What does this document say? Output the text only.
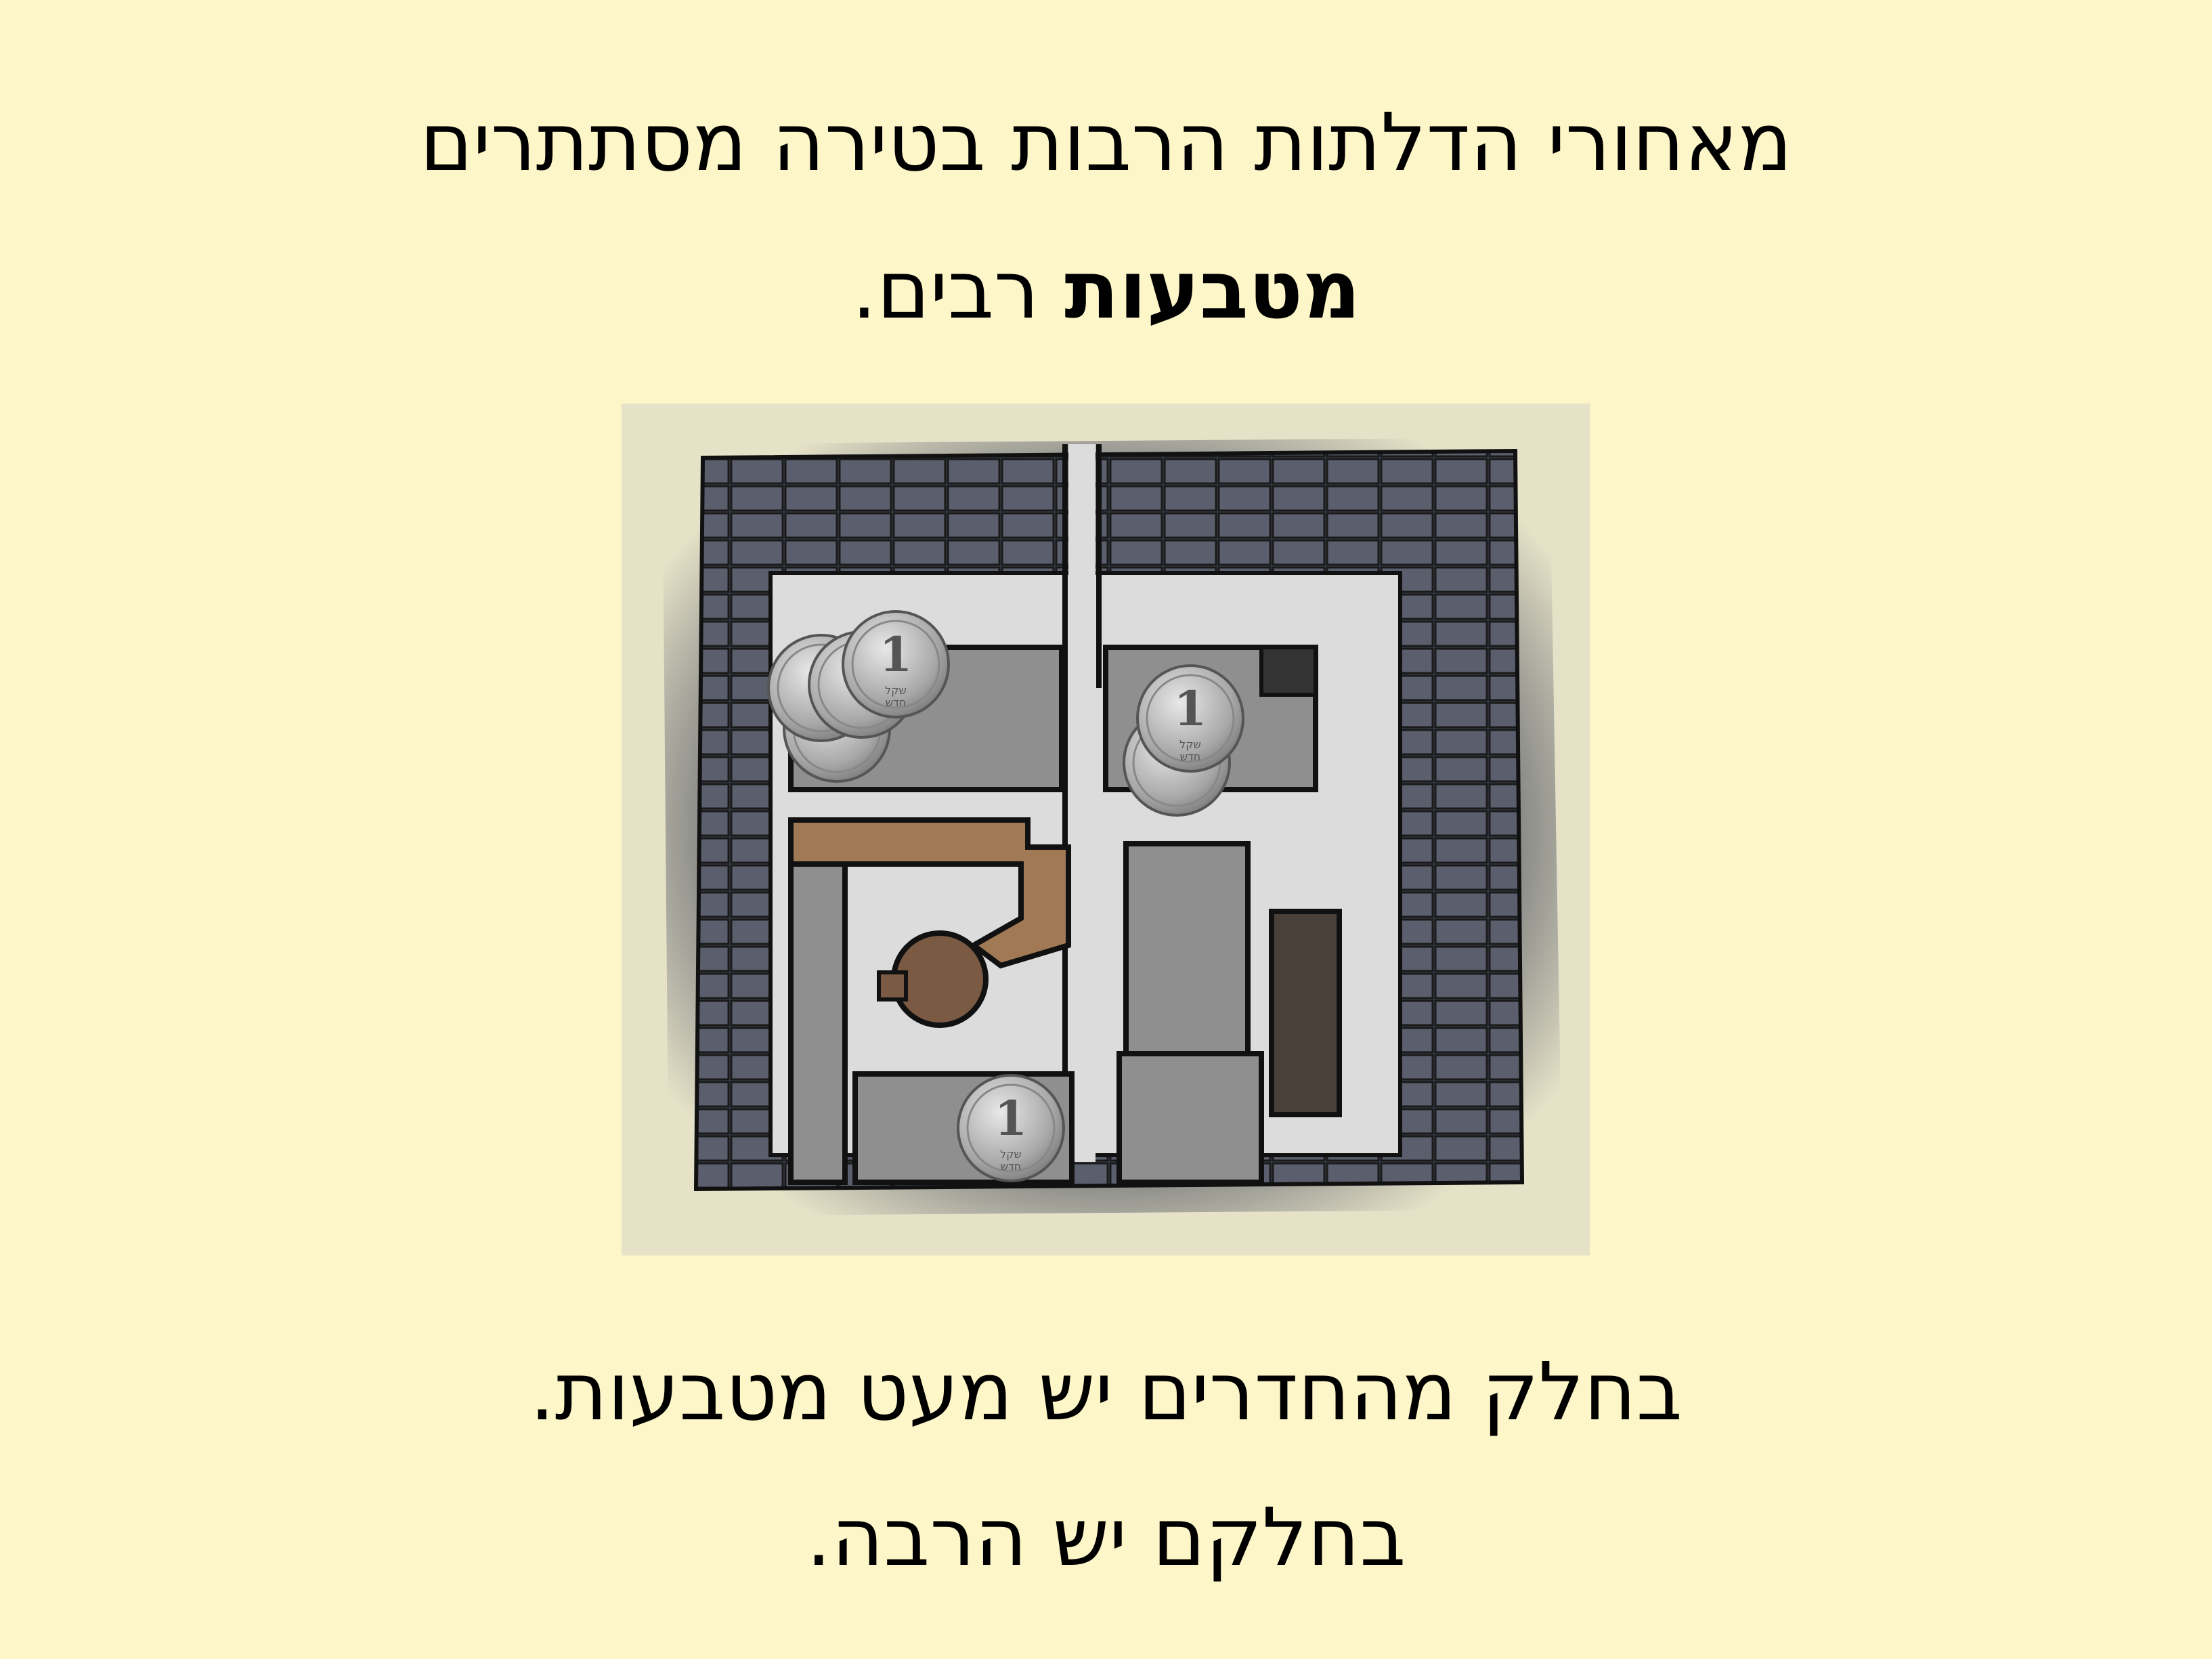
מאחורי הדלתות הרבות בטירה מסתתרים
מטבעות רבים.
1
שקל
חדש	1
שקל
חדש
1
שקל
חדש
בחלק מהחדרים יש מעט מטבעות.
בחלקם יש הרבה.
